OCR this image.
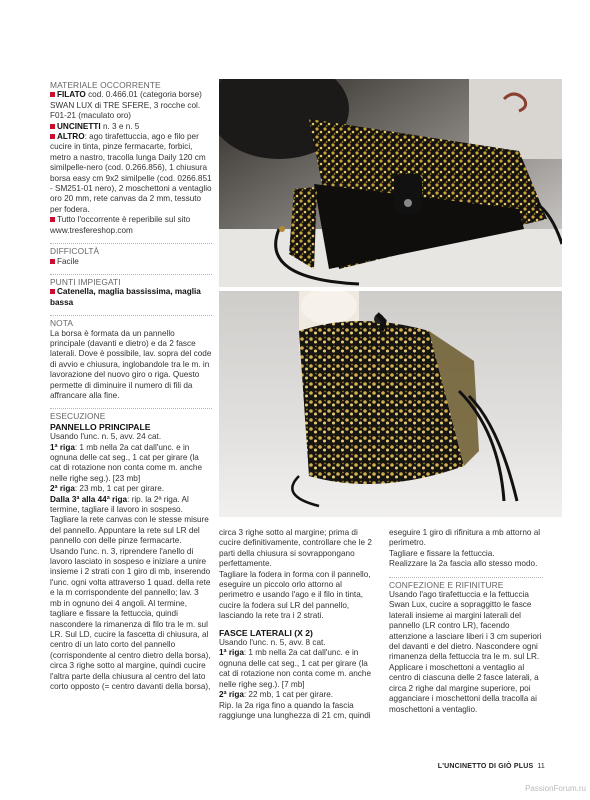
MATERIALE OCCORRENTE

FILATO cod. 0.466.01 (categoria borse) SWAN LUX di TRE SFERE, 3 rocche col. F01-21 (maculato oro)

UNCINETTI n. 3 e n. 5

ALTRO: ago tirafettuccia, ago e filo per cucire in tinta, pinze fermacarte, forbici, metro a nastro, tracolla lunga Daily 120 cm similpelle-nero (cod. 0.266.856), 1 chiusura borsa easy cm 9x2 similpelle (cod. 0266.851 - SM251-01 nero), 2 moschettoni a ventaglio oro 20 mm, rete canvas da 2 mm, tessuto per fodera.

Tutto l'occorrente è reperibile sul sito www.tresfereshop.com

DIFFICOLTÀ

Facile

PUNTI IMPIEGATI

Catenella, maglia bassissima, maglia bassa

NOTA

La borsa è formata da un pannello principale (davanti e dietro) e da 2 fasce laterali. Dove è possibile, lav. sopra del code di avvio e chiusura, inglobandole tra le m. in lavorazione del nuovo giro o riga. Questo permette di diminuire il numero di fili da affrancare alla fine.

ESECUZIONE

PANNELLO PRINCIPALE

Usando l'unc. n. 5, avv. 24 cat.

1ª riga: 1 mb nella 2a cat dall'unc. e in ognuna delle cat seg., 1 cat per girare (la cat di rotazione non conta come m. anche nelle righe seg.). [23 mb]

2ª riga: 23 mb, 1 cat per girare.

Dalla 3ª alla 44ª riga: rip. la 2ª riga. Al termine, tagliare il lavoro in sospeso.

Tagliare la rete canvas con le stesse misure del pannello. Appuntare la rete sul LR del pannello con delle pinze fermacarte. Usando l'unc. n. 3, riprendere l'anello di lavoro lasciato in sospeso e iniziare a unire insieme i 2 strati con 1 giro di mb, inserendo l'unc. ogni volta attraverso 1 quad. della rete e la m corrispondente del pannello; lav. 3 mb in ognuno dei 4 angoli. Al termine, tagliare e fissare la fettuccia, quindi nascondere la rimanenza di filo tra le m. sul LR. Sul LD, cucire la fascetta di chiusura, al centro di un lato corto del pannello (corrispondente al centro dietro della borsa), circa 3 righe sotto al margine, quindi cucire l'altra parte della chiusura al centro del lato corto opposto (= centro davanti della borsa),

circa 3 righe sotto al margine; prima di cucire definitivamente, controllare che le 2 parti della chiusura si sovrappongano perfettamente.

Tagliare la fodera in forma con il pannello, eseguire un piccolo orlo attorno al perimetro e usando l'ago e il filo in tinta, cucire la fodera sul LR del pannello, lasciando la rete tra i 2 strati.

FASCE LATERALI (X 2)

Usando l'unc. n. 5, avv. 8 cat.

1ª riga: 1 mb nella 2a cat dall'unc. e in ognuna delle cat seg., 1 cat per girare (la cat di rotazione non conta come m. anche nelle righe seg.). [7 mb]

2ª riga: 22 mb, 1 cat per girare.

Rip. la 2a riga fino a quando la fascia raggiunge una lunghezza di 21 cm, quindi

eseguire 1 giro di rifinitura a mb attorno al perimetro.

Tagliare e fissare la fettuccia.

Realizzare la 2a fascia allo stesso modo.

CONFEZIONE E RIFINITURE

Usando l'ago tirafettuccia e la fettuccia Swan Lux, cucire a sopraggitto le fasce laterali insieme ai margini laterali del pannello (LR contro LR), facendo attenzione a lasciare liberi i 3 cm superiori del davanti e del dietro. Nascondere ogni rimanenza della fettuccia tra le m. sul LR. Applicare i moschettoni a ventaglio al centro di ciascuna delle 2 fasce laterali, a circa 2 righe dal margine superiore, poi agganciare i moschettoni della tracolla ai moschettoni a ventaglio.

L'UNCINETTO DI GIÒ PLUS 11
PassionForum.ru
